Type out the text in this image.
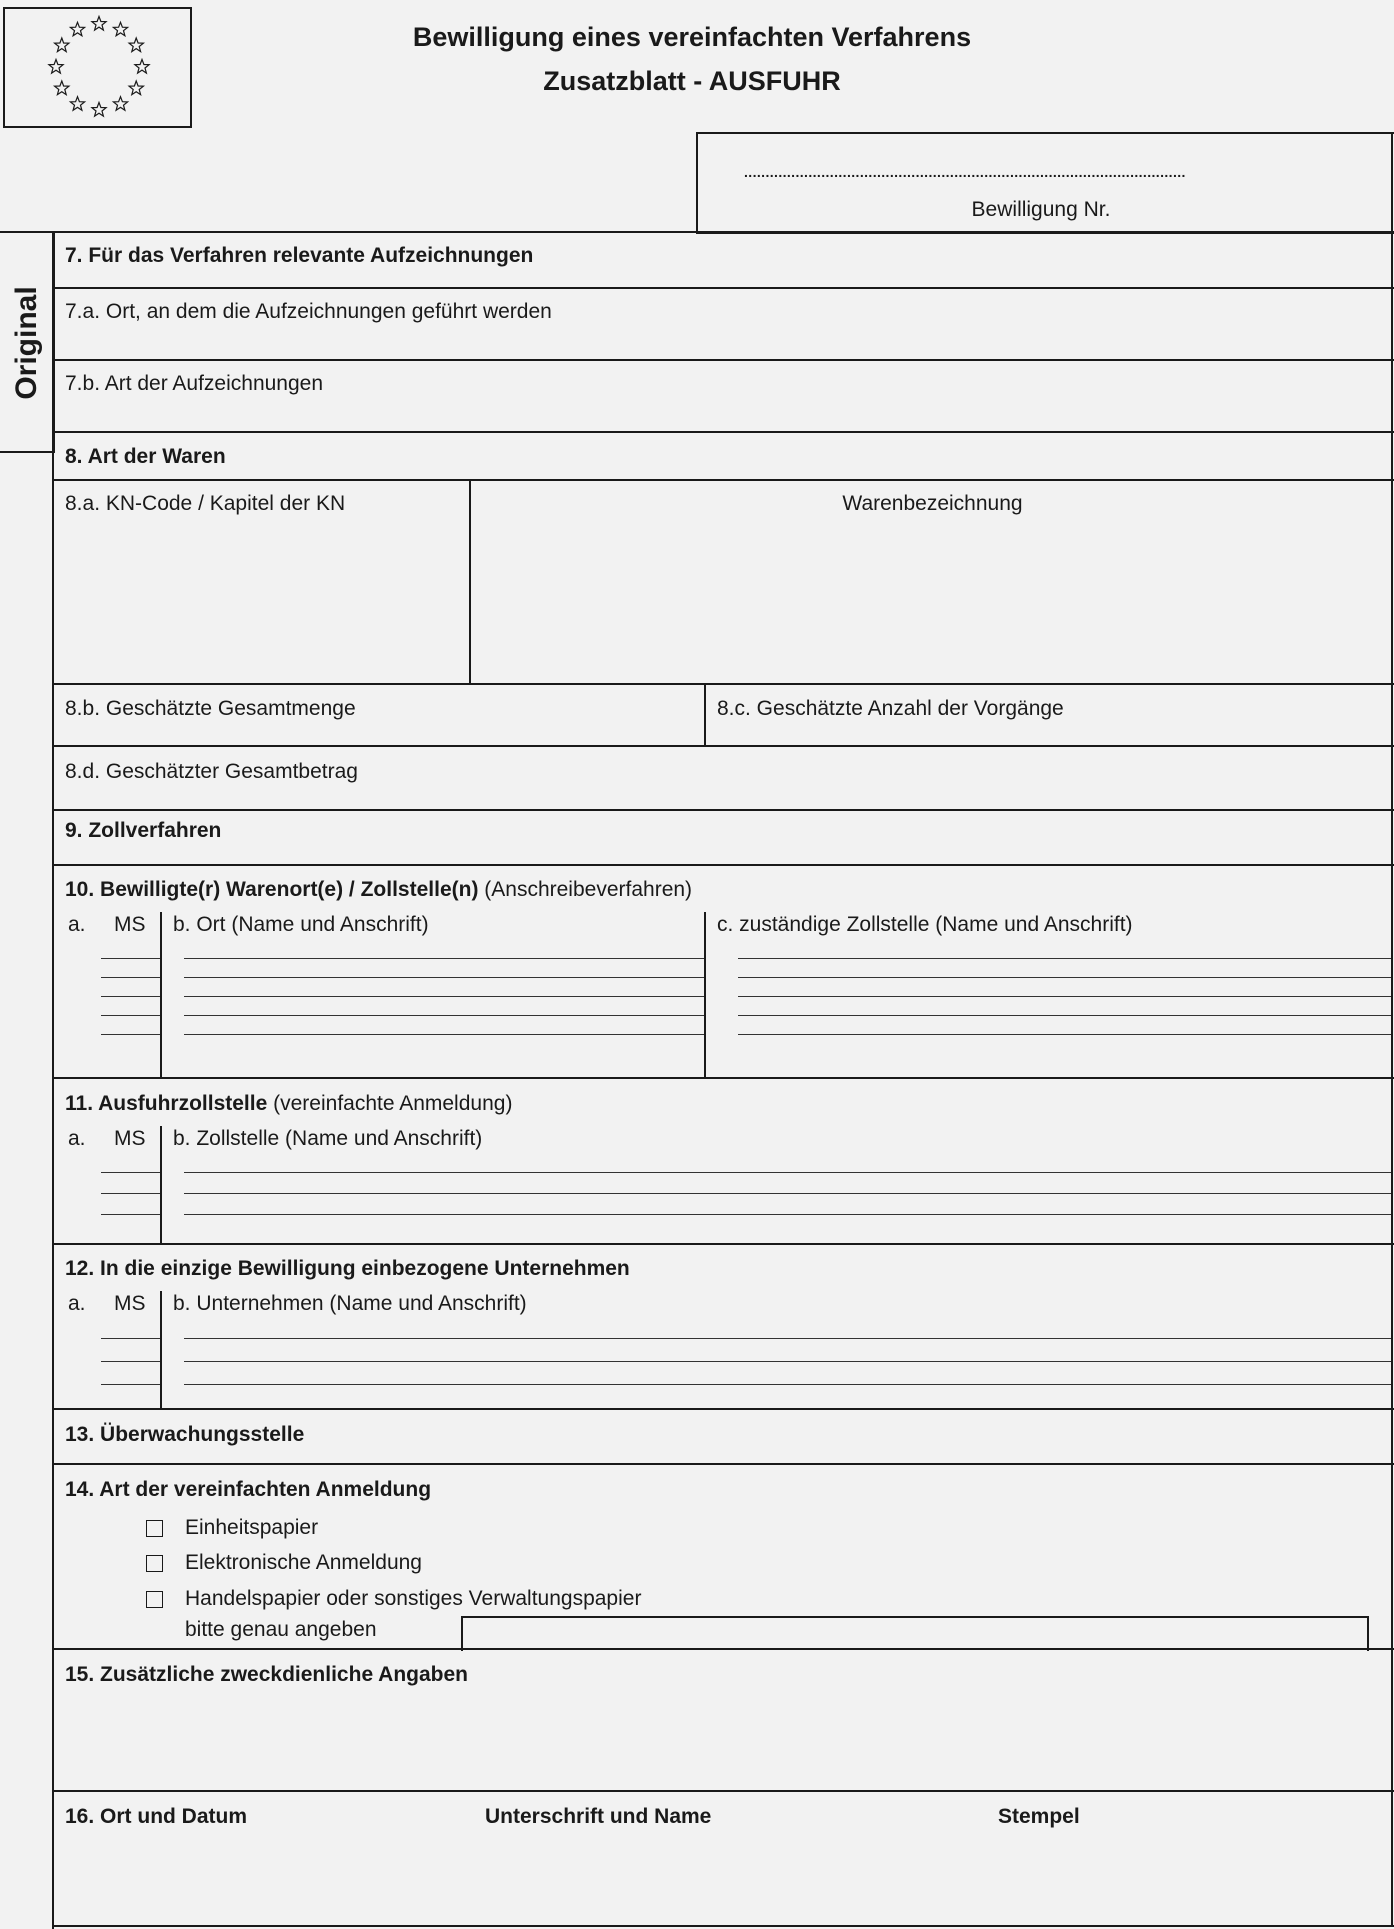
Bewilligung eines vereinfachten Verfahrens
Zusatzblatt - AUSFUHR
.......................................................................................................
Bewilligung Nr.
Original
7. Für das Verfahren relevante Aufzeichnungen
7.a. Ort, an dem die Aufzeichnungen geführt werden
7.b. Art der Aufzeichnungen
8. Art der Waren
8.a. KN-Code / Kapitel der KN	Warenbezeichnung
8.b. Geschätzte Gesamtmenge	8.c. Geschätzte Anzahl der Vorgänge
8.d. Geschätzter Gesamtbetrag
9. Zollverfahren
10. Bewilligte(r) Warenort(e) / Zollstelle(n) (Anschreibeverfahren)
a. MS b. Ort (Name und Anschrift)	c. zuständige Zollstelle (Name und Anschrift)
11. Ausfuhrzollstelle (vereinfachte Anmeldung)
a. MS b. Zollstelle (Name und Anschrift)
12. In die einzige Bewilligung einbezogene Unternehmen
a. MS b. Unternehmen (Name und Anschrift)
13. Überwachungsstelle
14. Art der vereinfachten Anmeldung
Einheitspapier
Elektronische Anmeldung
Handelspapier oder sonstiges Verwaltungspapier
bitte genau angeben
15. Zusätzliche zweckdienliche Angaben
16. Ort und Datum	Unterschrift und Name	Stempel
